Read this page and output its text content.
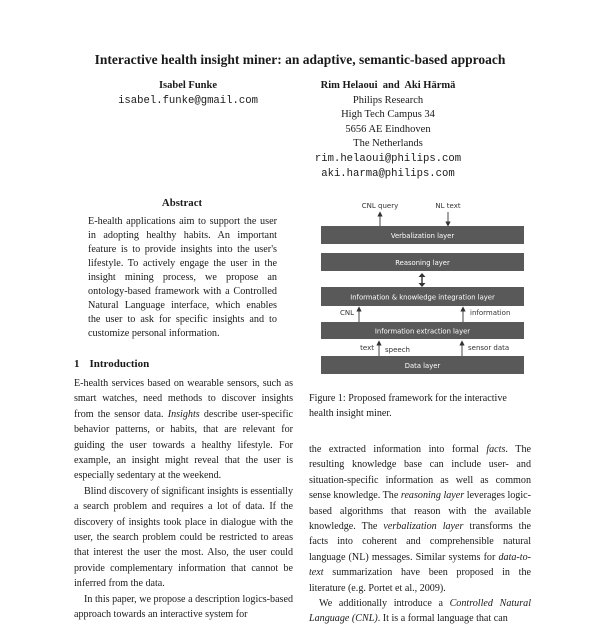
Interactive health insight miner: an adaptive, semantic-based approach
Isabel Funke
isabel.funke@gmail.com
Rim Helaoui  and  Aki Härmä
Philips Research
High Tech Campus 34
5656 AE Eindhoven
The Netherlands
rim.helaoui@philips.com
aki.harma@philips.com
Abstract

E-health applications aim to support the user in adopting healthy habits. An important feature is to provide insights into the user's lifestyle. To actively engage the user in the insight mining process, we propose an ontology-based framework with a Controlled Natural Language interface, which enables the user to ask for specific insights and to customize personal information.

1 Introduction

E-health services based on wearable sensors, such as smart watches, need methods to discover insights from the sensor data. Insights describe user-specific behavior patterns, or habits, that are relevant for guiding the user towards a healthy lifestyle. For example, an insight might reveal that the user is especially sedentary at the weekend.

Blind discovery of significant insights is essentially a search problem and requires a lot of data. If the discovery of insights took place in dialogue with the user, the search problem could be restricted to areas that interest the user the most. Also, the user could provide complementary information that cannot be inferred from the data.

In this paper, we propose a description logics-based approach towards an interactive system for

CNL query	NL text
Verbalization layer
Reasoning layer
Information & knowledge integration layer
CNL	information
Information extraction layer
text speech	sensor data
Data layer

Figure 1: Proposed framework for the interactive health insight miner.

the extracted information into formal facts. The resulting knowledge base can include user- and situation-specific information as well as common sense knowledge. The reasoning layer leverages logic-based algorithms that reason with the available knowledge. The verbalization layer transforms the facts into coherent and comprehensible natural language (NL) messages. Similar systems for data-to-text summarization have been proposed in the literature (e.g. Portet et al., 2009).

We additionally introduce a Controlled Natural Language (CNL). It is a formal language that can
